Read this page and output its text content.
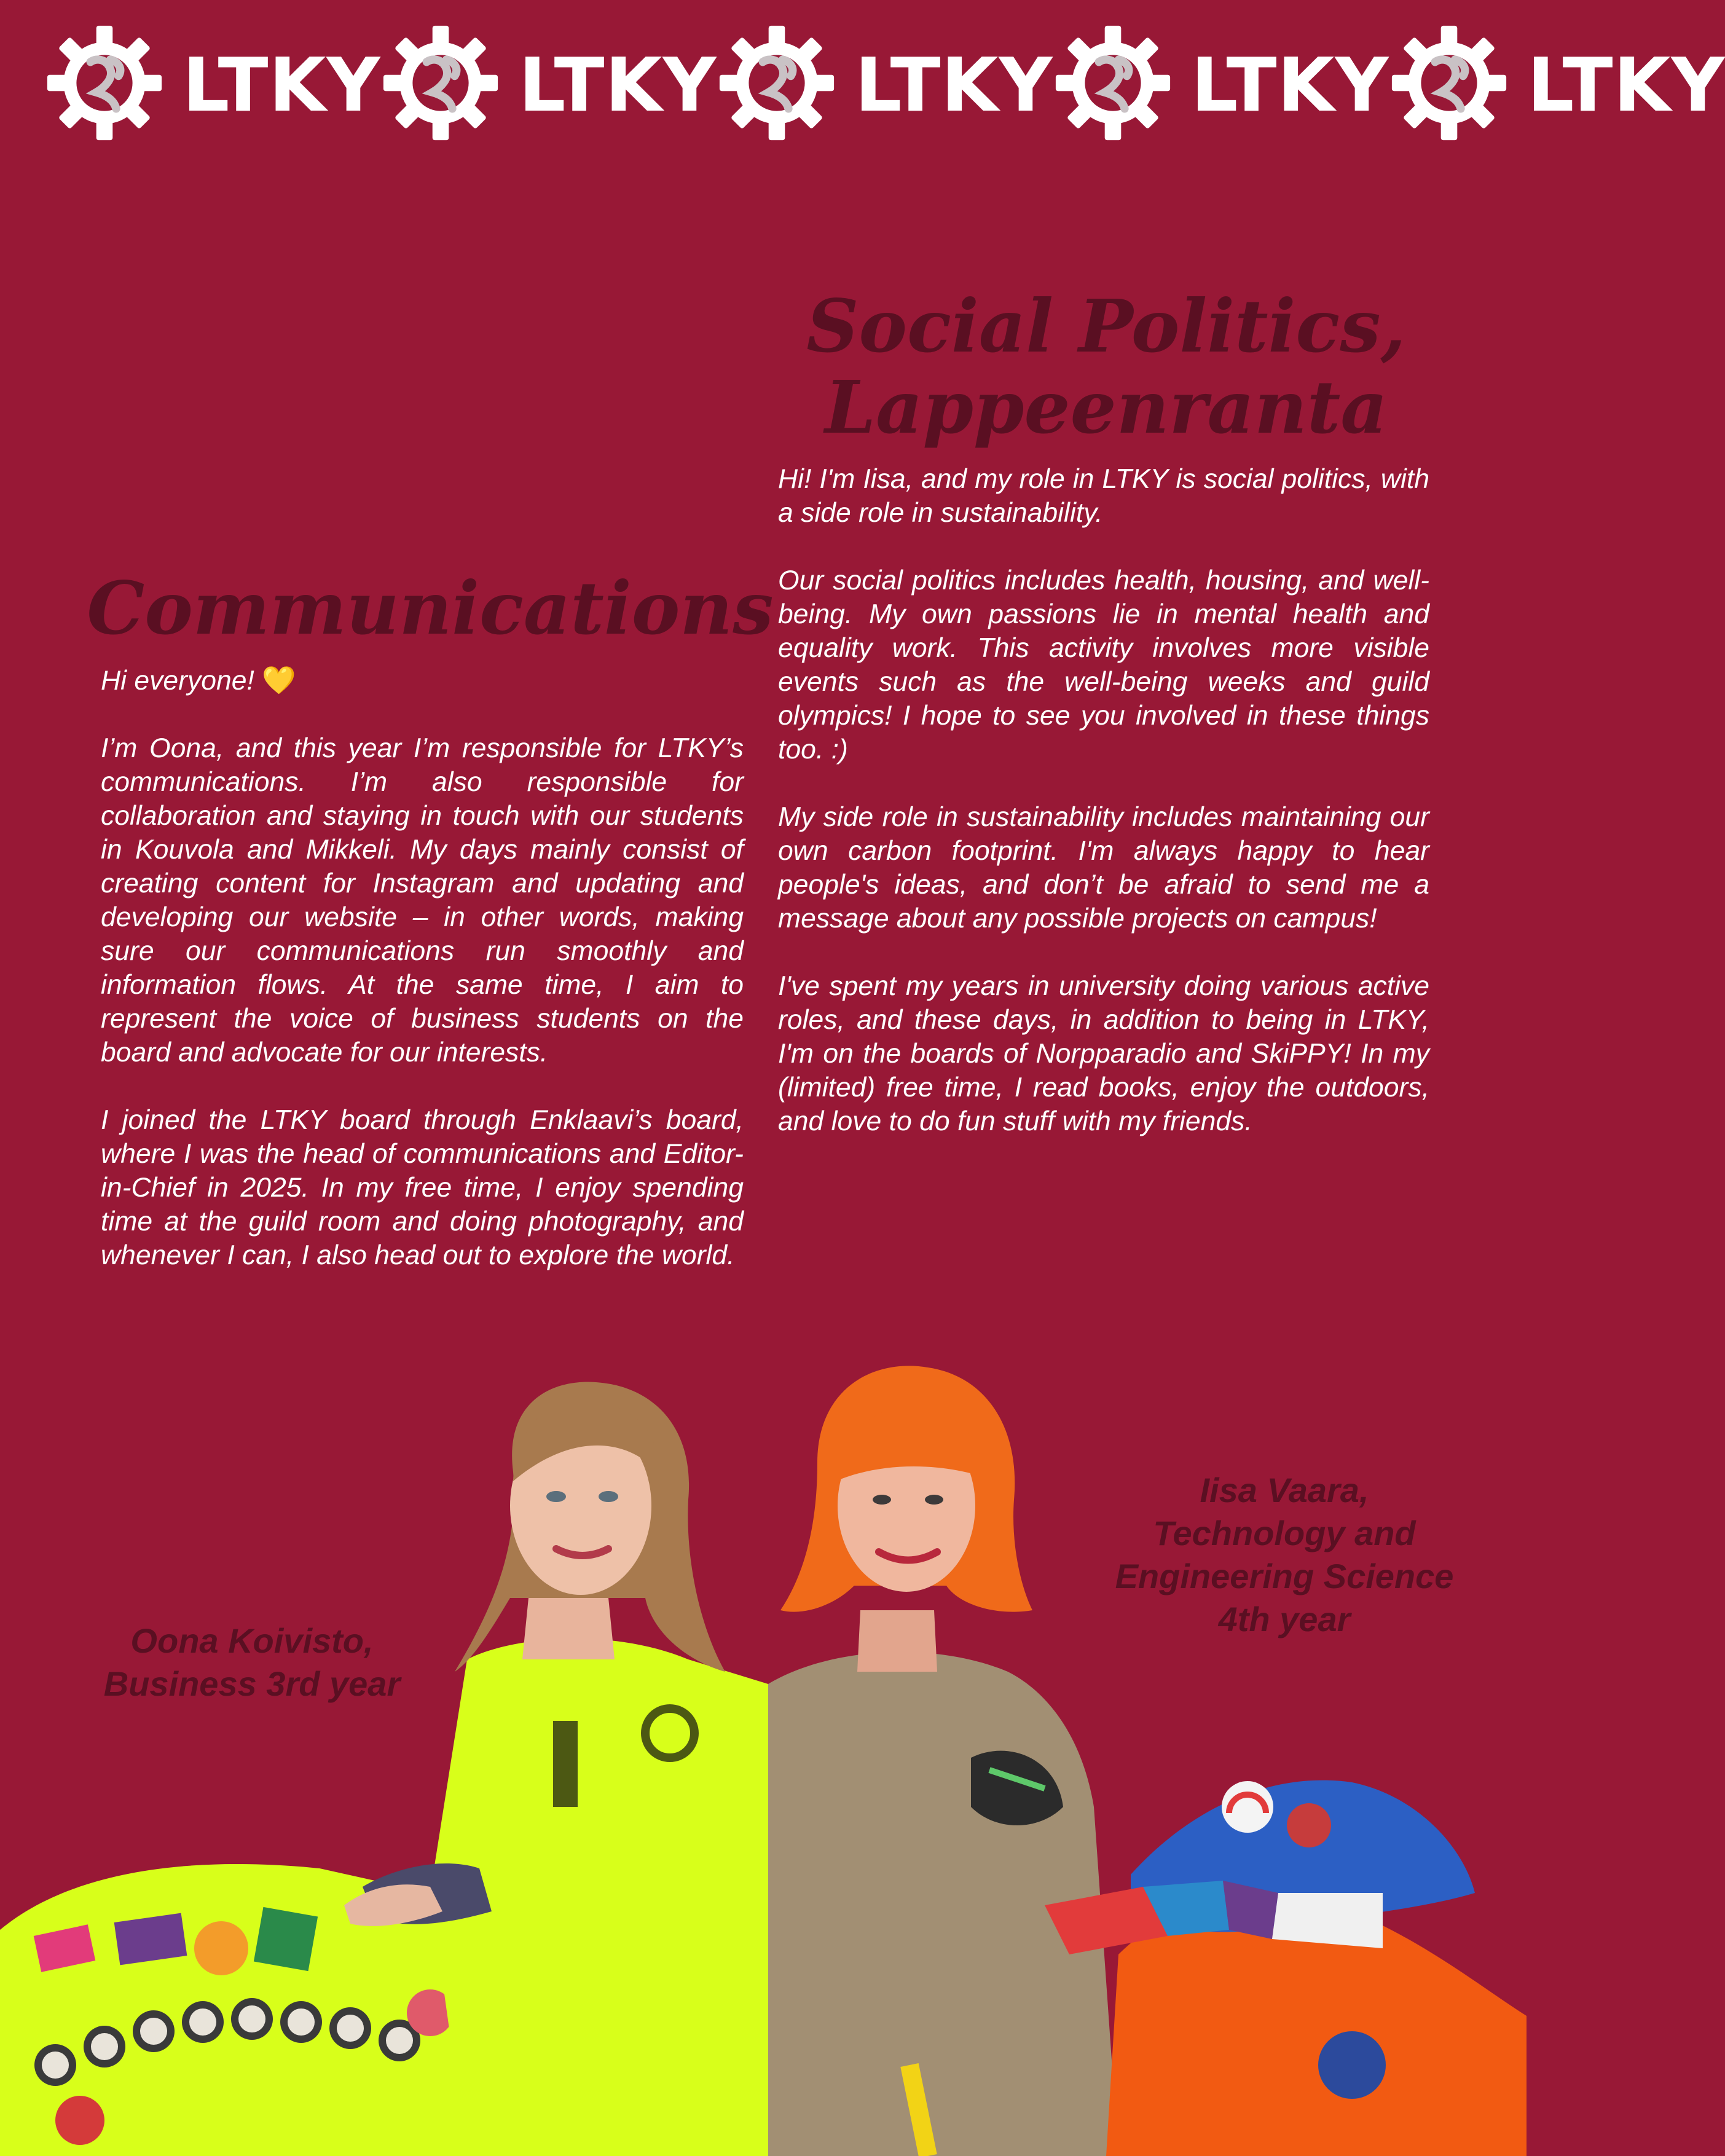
LTKY LTKY LTKY LTKY LTKY
Social Politics,
Lappeenranta

Hi! I'm Iisa, and my role in LTKY is social politics, with a side role in sustainability.

Our social politics includes health, housing, and well-being. My own passions lie in mental health and equality work. This activity involves more visible events such as the well-being weeks and guild olympics! I hope to see you involved in these things too. :)

My side role in sustainability includes maintaining our own carbon footprint. I'm always happy to hear people's ideas, and don’t be afraid to send me a message about any possible projects on campus!

I've spent my years in university doing various active roles, and these days, in addition to being in LTKY, I'm on the boards of Norpparadio and SkiPPY! In my (limited) free time, I read books, enjoy the outdoors, and love to do fun stuff with my friends.

Communications

Hi everyone! 💛

I’m Oona, and this year I’m responsible for LTKY’s communications. I’m also responsible for collaboration and staying in touch with our students in Kouvola and Mikkeli. My days mainly consist of creating content for Instagram and updating and developing our website – in other words, making sure our communications run smoothly and information flows. At the same time, I aim to represent the voice of business students on the board and advocate for our interests.

I joined the LTKY board through Enklaavi’s board, where I was the head of communications and Editor-in-Chief in 2025. In my free time, I enjoy spending time at the guild room and doing photography, and whenever I can, I also head out to explore the world.

Oona Koivisto,
Business 3rd year
Iisa Vaara,
Technology and
Engineering Science
4th year
